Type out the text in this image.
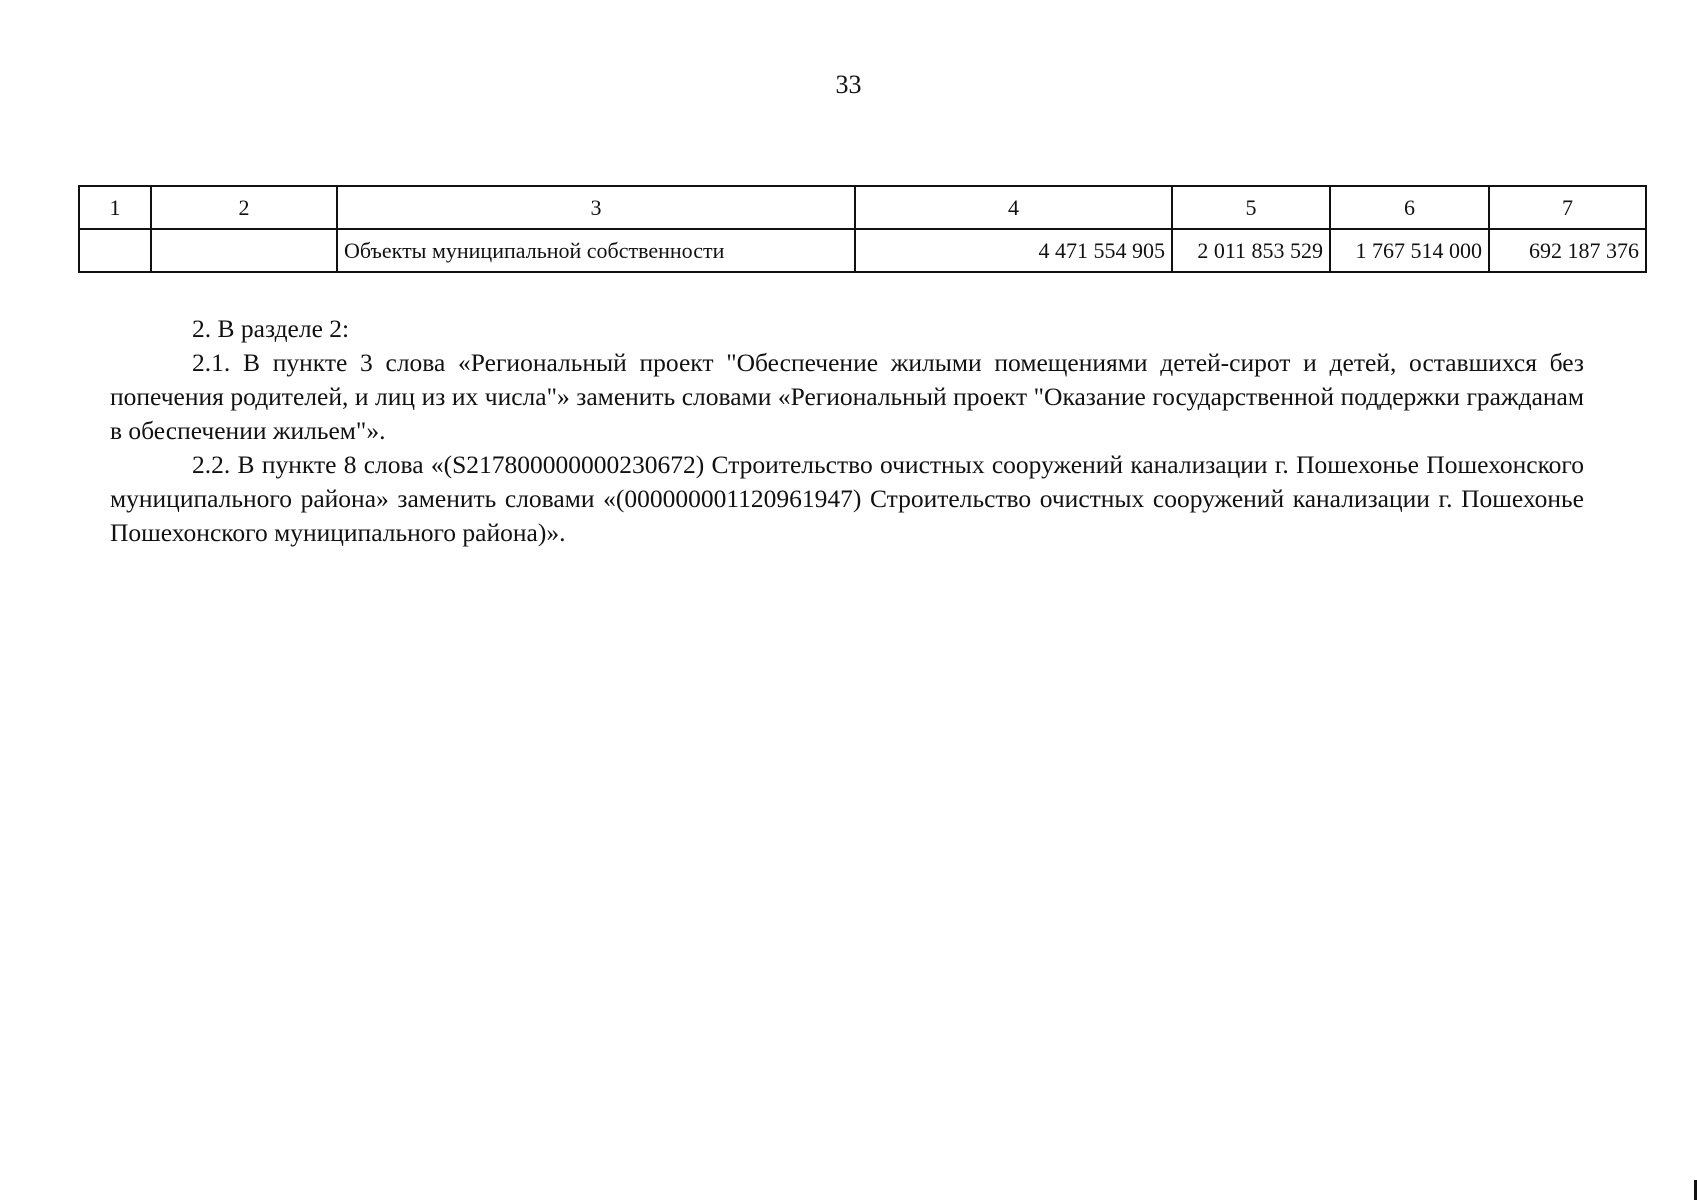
33
1	2	3	4	5	6	7
		Объекты муниципальной собственности	4 471 554 905	2 011 853 529	1 767 514 000	692 187 376

2. В разделе 2:

2.1. В пункте 3 слова «Региональный проект "Обеспечение жилыми помещениями детей-сирот и детей, оставшихся без попечения родителей, и лиц из их числа"» заменить словами «Региональный проект "Оказание государственной поддержки гражданам в обеспечении жильем"».

2.2. В пункте 8 слова «(S217800000000230672) Строительство очистных сооружений канализации г. Пошехонье Пошехонского муниципального района» заменить словами «(000000001120961947) Строительство очистных сооружений канализации г. Пошехонье Пошехонского муниципального района)».
